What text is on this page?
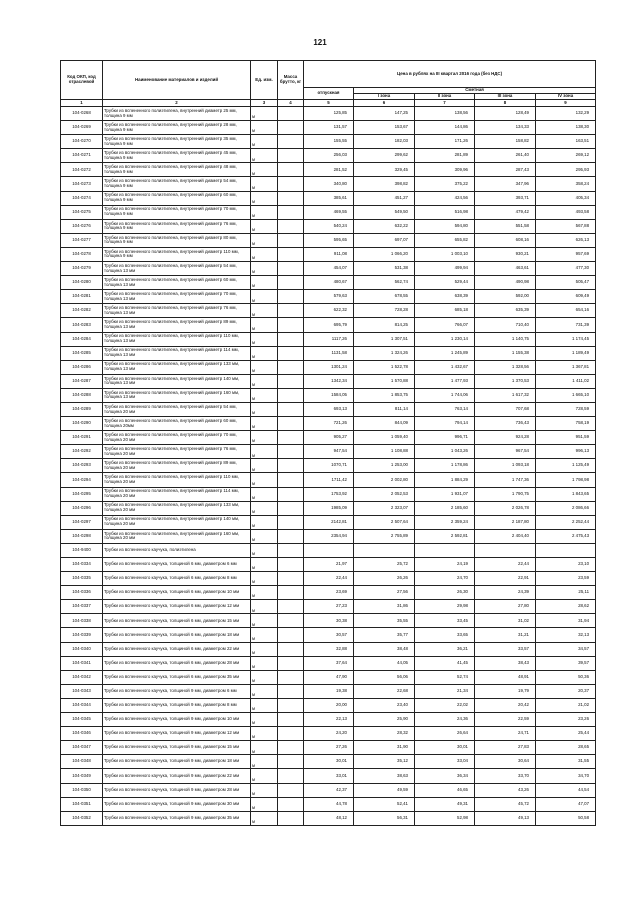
121
Код ОКП, код отраслевой	Наименование материалов и изделий	Ед. изм.	Масса брутто, кг	Цена в рублях на III квартал 2016 года (без НДС)				
				отпускная	Сметная			
					I зона	II зона	III зона	IV зона
1	2	3	4	5	6	7	8	9
104-0268	Трубки из вспененного полиэтилена, внутренний диаметр 25 мм, толщина 9 мм	м		125,85	147,25	138,56	128,49	132,29
104-0269	Трубки из вспененного полиэтилена, внутренний диаметр 28 мм, толщина 9 мм	м		131,57	153,67	144,86	134,33	138,30
104-0270	Трубки из вспененного полиэтилена, внутренний диаметр 35 мм, толщина 9 мм	м		155,55	182,03	171,26	158,82	163,51
104-0271	Трубки из вспененного полиэтилена, внутренний диаметр 45 мм, толщина 9 мм	м		256,03	299,62	281,89	261,40	269,12
104-0272	Трубки из вспененного полиэтилена, внутренний диаметр 48 мм, толщина 9 мм	м		281,52	329,45	309,96	287,43	295,93
104-0273	Трубки из вспененного полиэтилена, внутренний диаметр 54 мм, толщина 9 мм	м		340,80	398,82	375,22	347,96	358,24
104-0274	Трубки из вспененного полиэтилена, внутренний диаметр 60 мм, толщина 9 мм	м		385,61	451,27	424,56	393,71	405,34
104-0275	Трубки из вспененного полиэтилена, внутренний диаметр 70 мм, толщина 9 мм	м		469,55	549,50	516,98	479,42	493,58
104-0276	Трубки из вспененного полиэтилена, внутренний диаметр 76 мм, толщина 9 мм	м		540,24	632,22	594,80	551,58	567,88
104-0277	Трубки из вспененного полиэтилена, внутренний диаметр 80 мм, толщина 9 мм	м		595,65	697,07	655,82	608,16	626,13
104-0278	Трубки из вспененного полиэтилена, внутренний диаметр 110 мм, толщина 9 мм	м		911,08	1 066,20	1 003,10	930,21	957,69
104-0279	Трубки из вспененного полиэтилена, внутренний диаметр 54 мм, толщина 13 мм	м		454,07	531,38	499,94	463,61	477,30
104-0280	Трубки из вспененного полиэтилена, внутренний диаметр 60 мм, толщина 13 мм	м		480,67	562,74	529,44	490,98	505,47
104-0281	Трубки из вспененного полиэтилена, внутренний диаметр 70 мм, толщина 13 мм	м		579,63	678,55	638,39	592,00	609,49
104-0282	Трубки из вспененного полиэтилена, внутренний диаметр 76 мм, толщина 13 мм	м		622,32	728,28	685,18	635,39	654,16
104-0283	Трубки из вспененного полиэтилена, внутренний диаметр 89 мм, толщина 13 мм	м		695,79	814,25	766,07	710,40	731,39
104-0284	Трубки из вспененного полиэтилена, внутренний диаметр 110 мм, толщина 13 мм	м		1117,26	1 307,51	1 230,14	1 140,75	1 174,45
104-0285	Трубки из вспененного полиэтилена, внутренний диаметр 114 мм, толщина 13 мм	м		1131,58	1 324,26	1 245,89	1 155,38	1 189,49
104-0286	Трубки из вспененного полиэтилена, внутренний диаметр 133 мм, толщина 13 мм	м		1301,24	1 522,78	1 432,67	1 328,56	1 367,81
104-0287	Трубки из вспененного полиэтилена, внутренний диаметр 140 мм, толщина 13 мм	м		1342,34	1 570,88	1 477,93	1 370,53	1 411,02
104-0288	Трубки из вспененного полиэтилена, внутренний диаметр 160 мм, толщина 13 мм	м		1584,05	1 853,75	1 744,06	1 617,32	1 665,10
104-0289	Трубки из вспененного полиэтилена, внутренний диаметр 54 мм, толщина 20 мм	м		693,13	811,14	763,14	707,68	728,59
104-0290	Трубки из вспененного полиэтилена, внутренний диаметр 60 мм, толщина 20мм	м		721,26	844,09	794,14	736,43	758,19
104-0291	Трубки из вспененного полиэтилена, внутренний диаметр 70 мм, толщина 20 мм	м		905,27	1 059,40	996,71	924,28	951,59
104-0292	Трубки из вспененного полиэтилена, внутренний диаметр 76 мм, толщина 20 мм	м		947,54	1 108,88	1 043,26	967,54	996,13
104-0293	Трубки из вспененного полиэтилена, внутренний диаметр 89 мм, толщина 20 мм	м		1070,71	1 253,00	1 178,86	1 093,18	1 125,49
104-0294	Трубки из вспененного полиэтилена, внутренний диаметр 110 мм, толщина 20 мм	м		1711,42	2 002,80	1 884,29	1 747,36	1 798,98
104-0295	Трубки из вспененного полиэтилена, внутренний диаметр 114 мм, толщина 20 мм	м		1753,92	2 052,53	1 931,07	1 790,75	1 843,65
104-0296	Трубки из вспененного полиэтилена, внутренний диаметр 133 мм, толщина 20 мм	м		1985,09	2 323,07	2 185,60	2 026,78	2 086,66
104-0297	Трубки из вспененного полиэтилена, внутренний диаметр 140 мм, толщина 20 мм	м		2142,81	2 507,64	2 359,24	2 187,80	2 252,44
104-0298	Трубки из вспененного полиэтилена, внутренний диаметр 160 мм, толщина 20 мм	м		2354,94	2 755,89	2 592,81	2 404,40	2 475,43
104-9400	Трубки из вспененного каучука, полиэтилена	м						
104-0334	Трубки из вспененного каучука, толщиной 6 мм, диаметром 6 мм	м		21,97	25,72	24,19	22,44	23,10
104-0335	Трубки из вспененного каучука, толщиной 6 мм, диаметром 8 мм	м		22,44	26,26	24,70	22,91	23,59
104-0336	Трубки из вспененного каучука, толщиной 6 мм, диаметром 10 мм	м		23,69	27,56	26,30	24,39	25,11
104-0337	Трубки из вспененного каучука, толщиной 6 мм, диаметром 12 мм	м		27,23	31,86	29,98	27,80	28,62
104-0338	Трубки из вспененного каучука, толщиной 6 мм, диаметром 15 мм	м		30,38	35,55	33,45	31,02	31,94
104-0339	Трубки из вспененного каучука, толщиной 6 мм, диаметром 18 мм	м		30,57	35,77	33,65	31,21	32,13
104-0340	Трубки из вспененного каучука, толщиной 6 мм, диаметром 22 мм	м		32,88	38,48	36,21	33,57	34,57
104-0341	Трубки из вспененного каучука, толщиной 6 мм, диаметром 28 мм	м		37,64	44,05	41,45	38,43	39,57
104-0342	Трубки из вспененного каучука, толщиной 6 мм, диаметром 35 мм	м		47,90	56,06	52,74	48,91	50,36
104-0343	Трубки из вспененного каучука, толщиной 9 мм, диаметром 6 мм	м		19,38	22,68	21,34	19,79	20,37
104-0344	Трубки из вспененного каучука, толщиной 9 мм, диаметром 8 мм	м		20,00	23,40	22,02	20,42	21,02
104-0345	Трубки из вспененного каучука, толщиной 9 мм, диаметром 10 мм	м		22,13	25,90	24,36	22,59	23,26
104-0346	Трубки из вспененного каучука, толщиной 9 мм, диаметром 12 мм	м		24,20	28,32	26,64	24,71	25,44
104-0347	Трубки из вспененного каучука, толщиной 9 мм, диаметром 15 мм	м		27,26	31,90	30,01	27,83	28,65
104-0348	Трубки из вспененного каучука, толщиной 9 мм, диаметром 18 мм	м		30,01	35,12	33,04	30,64	31,55
104-0349	Трубки из вспененного каучука, толщиной 9 мм, диаметром 22 мм	м		33,01	38,63	36,34	33,70	34,70
104-0350	Трубки из вспененного каучука, толщиной 9 мм, диаметром 28 мм	м		42,37	49,59	46,65	43,26	44,54
104-0351	Трубки из вспененного каучука, толщиной 9 мм, диаметром 30 мм	м		44,78	52,41	49,31	45,72	47,07
104-0352	Трубки из вспененного каучука, толщиной 9 мм, диаметром 35 мм	м		48,12	56,31	52,98	49,13	50,58
